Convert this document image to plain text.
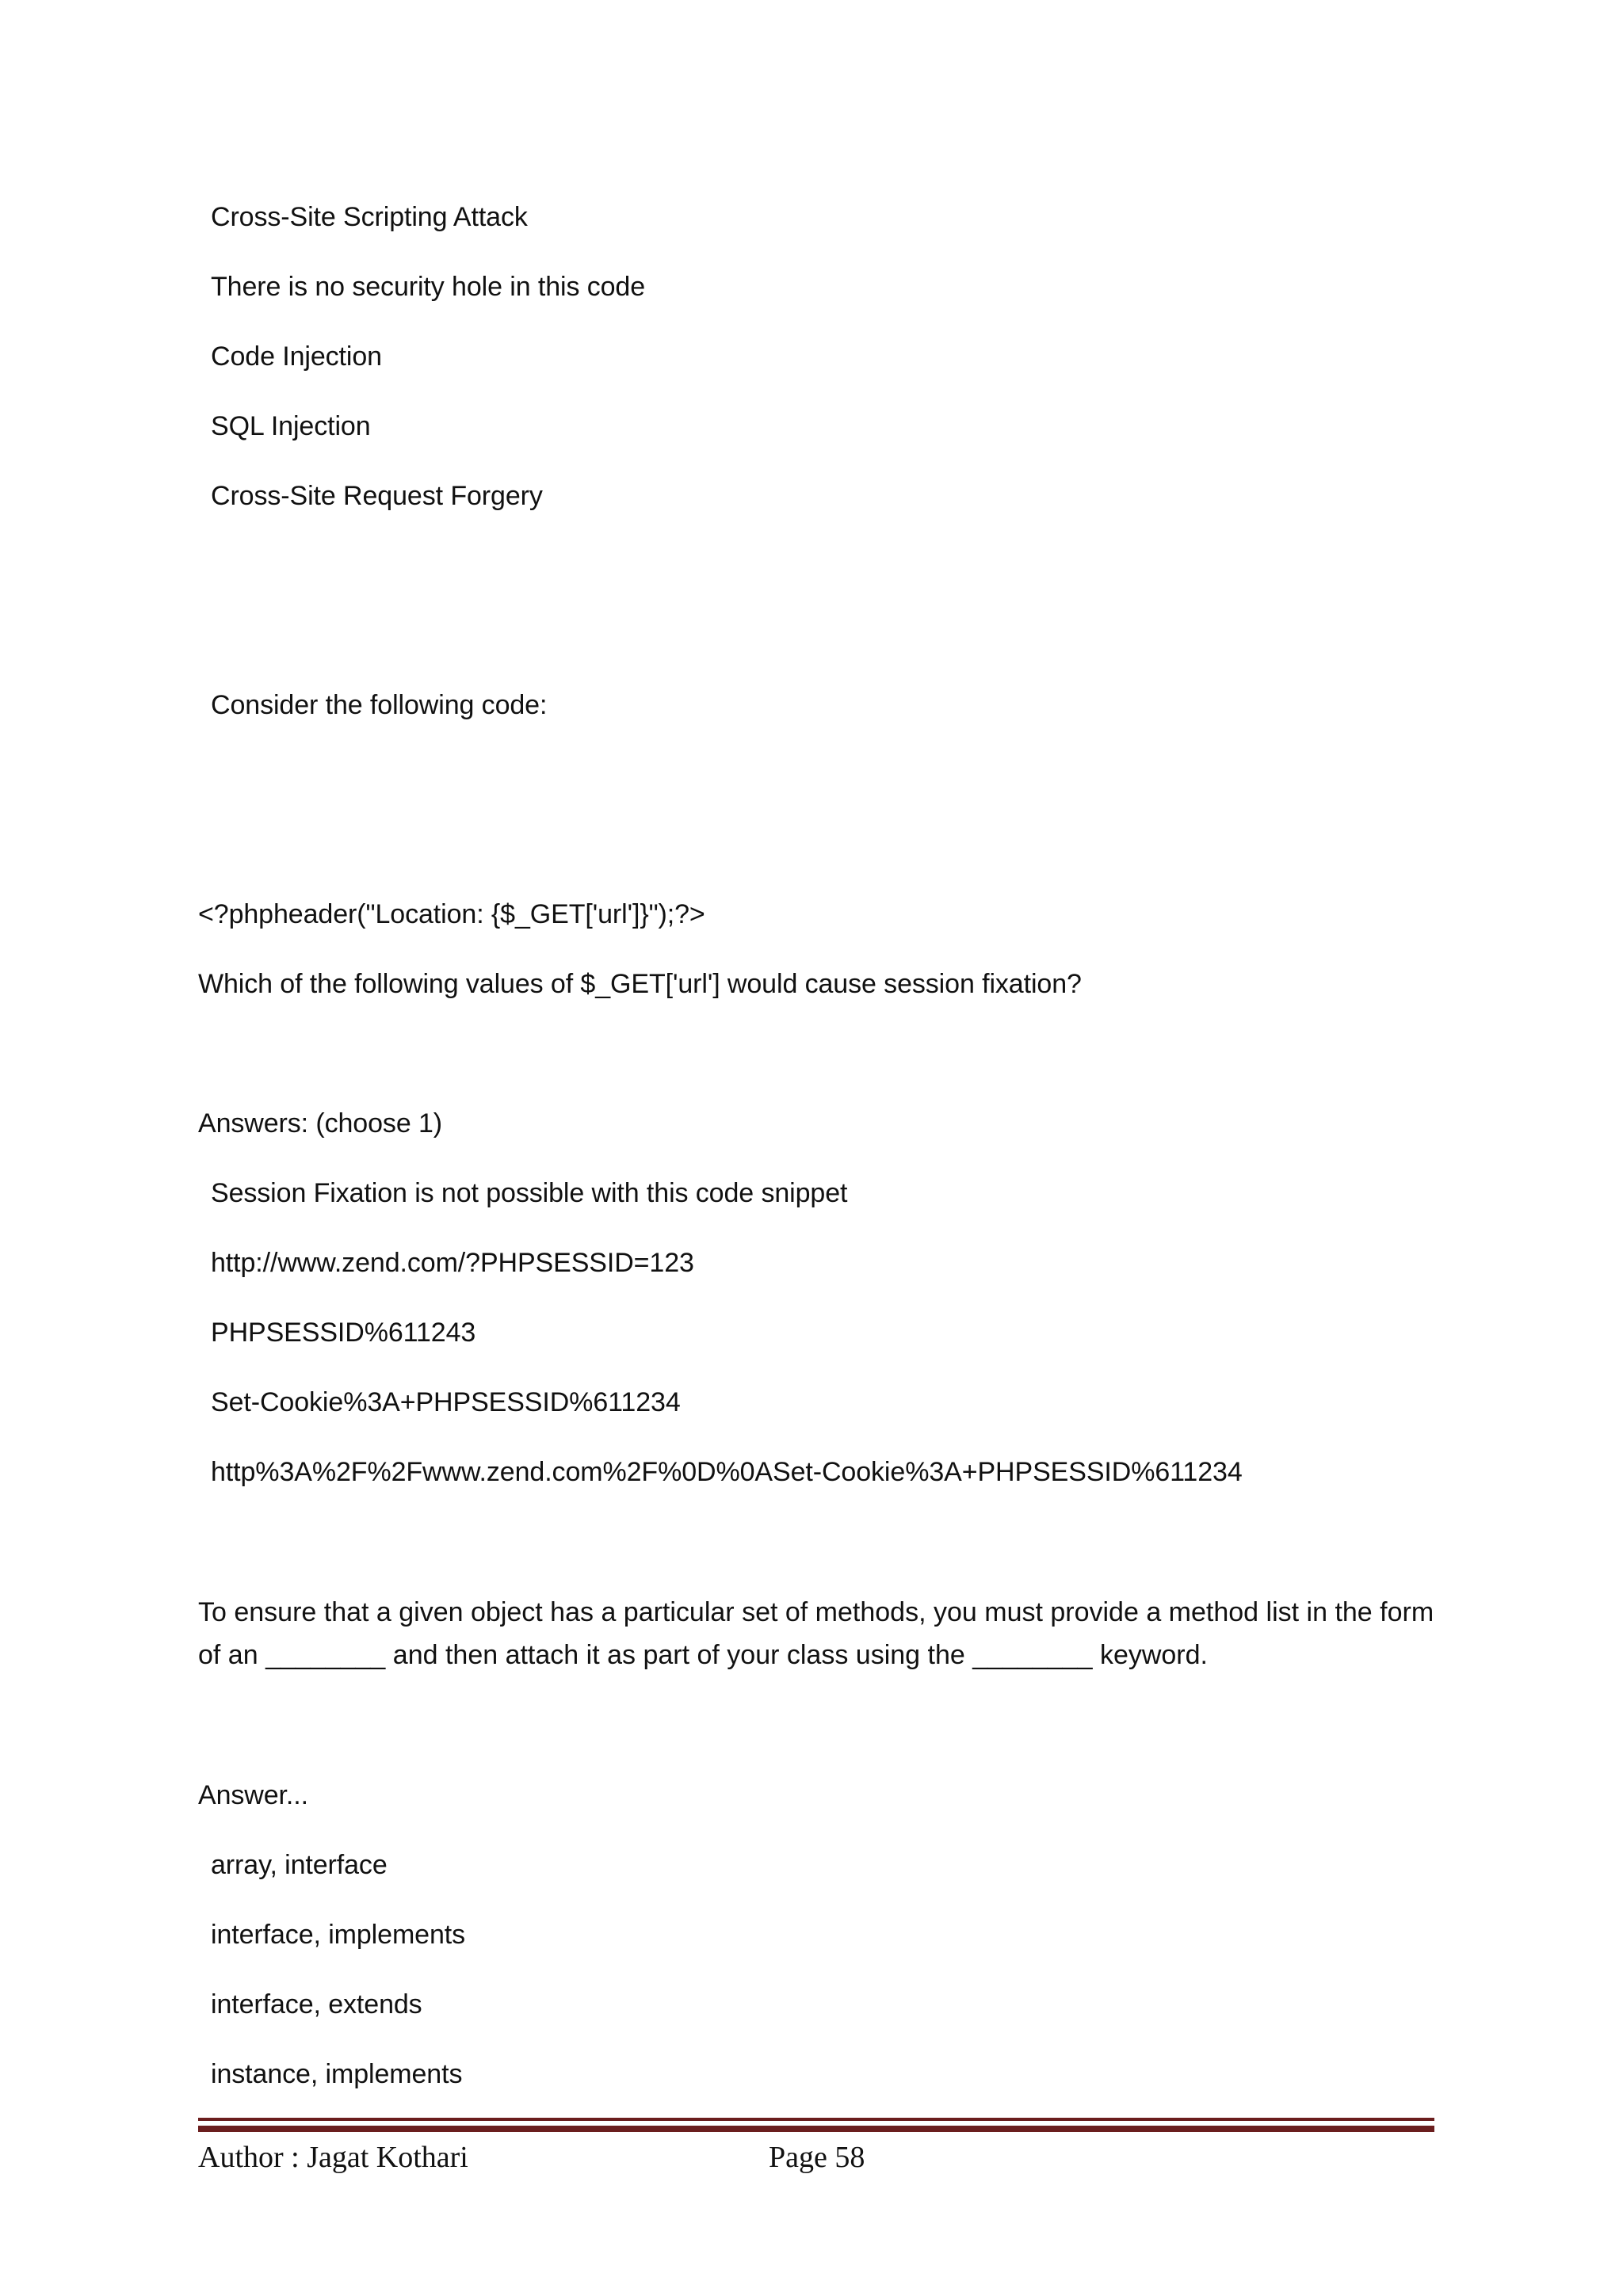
Cross-Site Scripting Attack
There is no security hole in this code
Code Injection
SQL Injection
Cross-Site Request Forgery
Consider the following code:
<?phpheader("Location: {$_GET['url']}");?>
Which of the following values of $_GET['url'] would cause session fixation?
Answers: (choose 1)
Session Fixation is not possible with this code snippet
http://www.zend.com/?PHPSESSID=123
PHPSESSID%611243
Set-Cookie%3A+PHPSESSID%611234
http%3A%2F%2Fwww.zend.com%2F%0D%0ASet-Cookie%3A+PHPSESSID%611234
To ensure that a given object has a particular set of methods, you must provide a method list in the form of an ________ and then attach it as part of your class using the ________ keyword.
Answer...
array, interface
interface, implements
interface, extends
instance, implements
Author : Jagat Kothari	Page 58
